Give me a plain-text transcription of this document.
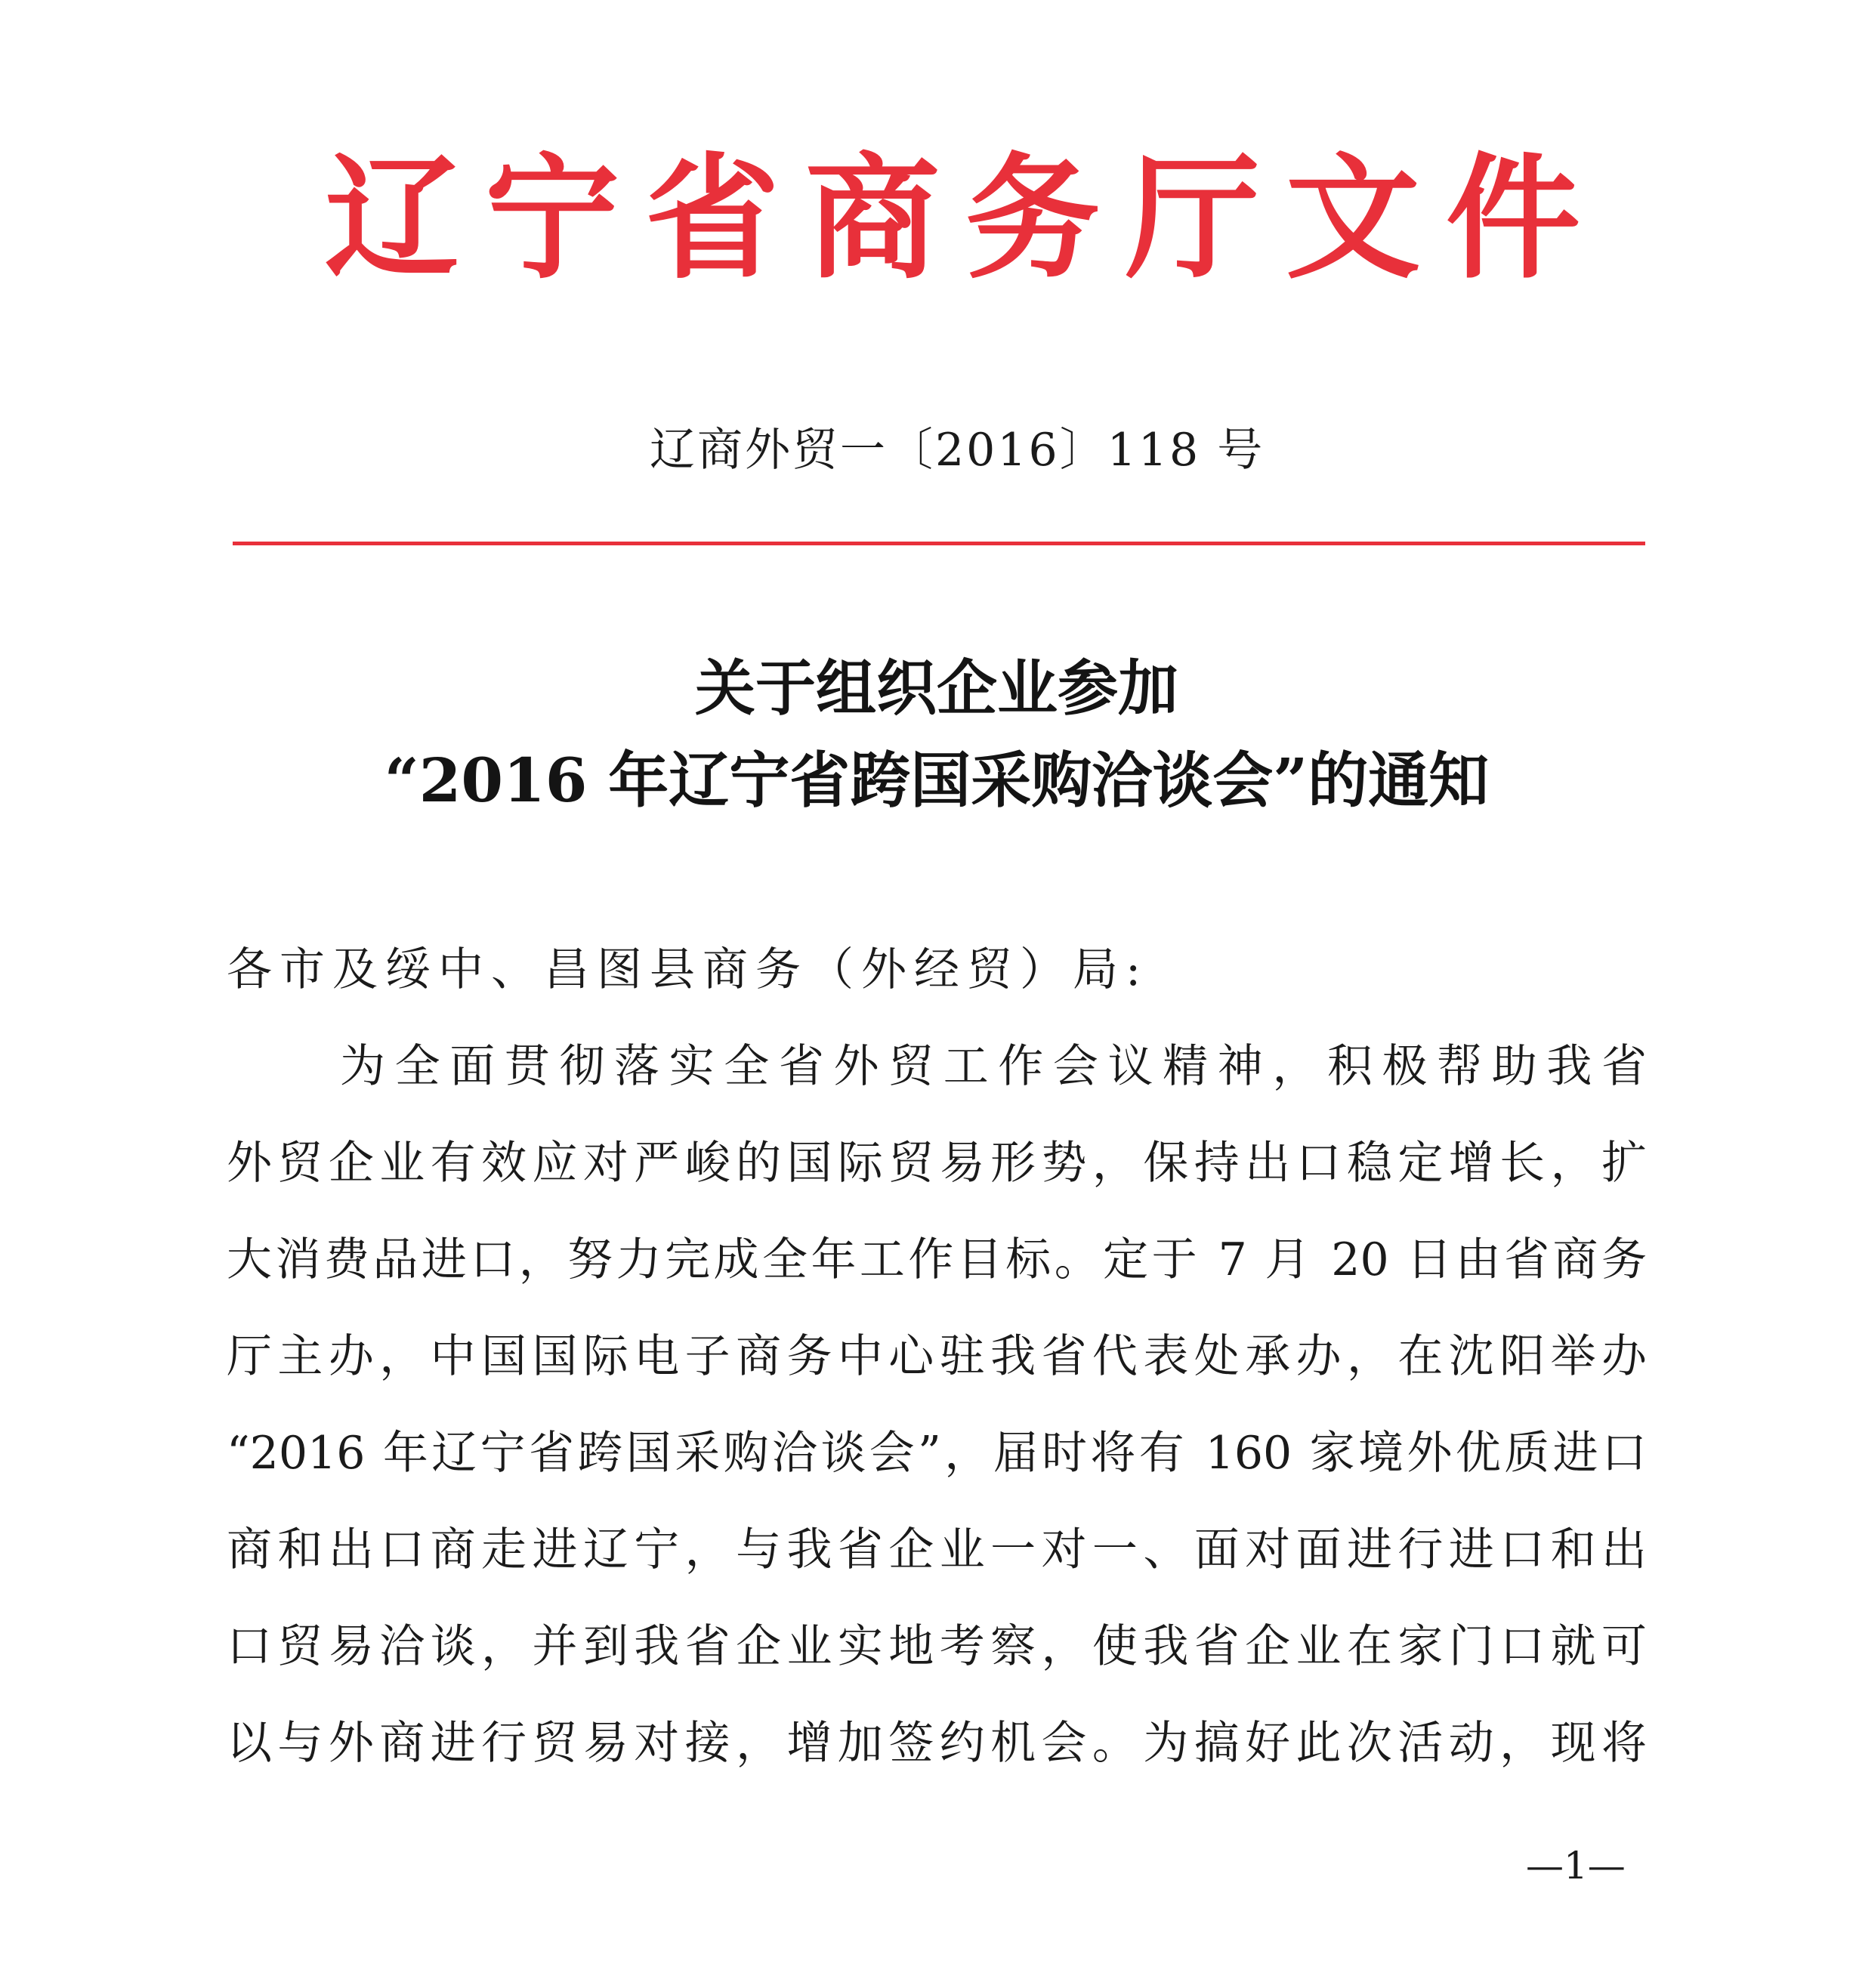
辽宁省商务厅文件
辽商外贸一〔2016〕118 号
关于组织企业参加
“2016 年辽宁省跨国采购洽谈会”的通知
各市及绥中、昌图县商务（外经贸）局:
为全面贯彻落实全省外贸工作会议精神，积极帮助我省
外贸企业有效应对严峻的国际贸易形势，保持出口稳定增长，扩
大消费品进口，努力完成全年工作目标。定于 7 月 20 日由省商务
厅主办，中国国际电子商务中心驻我省代表处承办，在沈阳举办
“2016 年辽宁省跨国采购洽谈会”，届时将有 160 家境外优质进口
商和出口商走进辽宁，与我省企业一对一、面对面进行进口和出
口贸易洽谈，并到我省企业实地考察，使我省企业在家门口就可
以与外商进行贸易对接，增加签约机会。为搞好此次活动，现将
—1—
